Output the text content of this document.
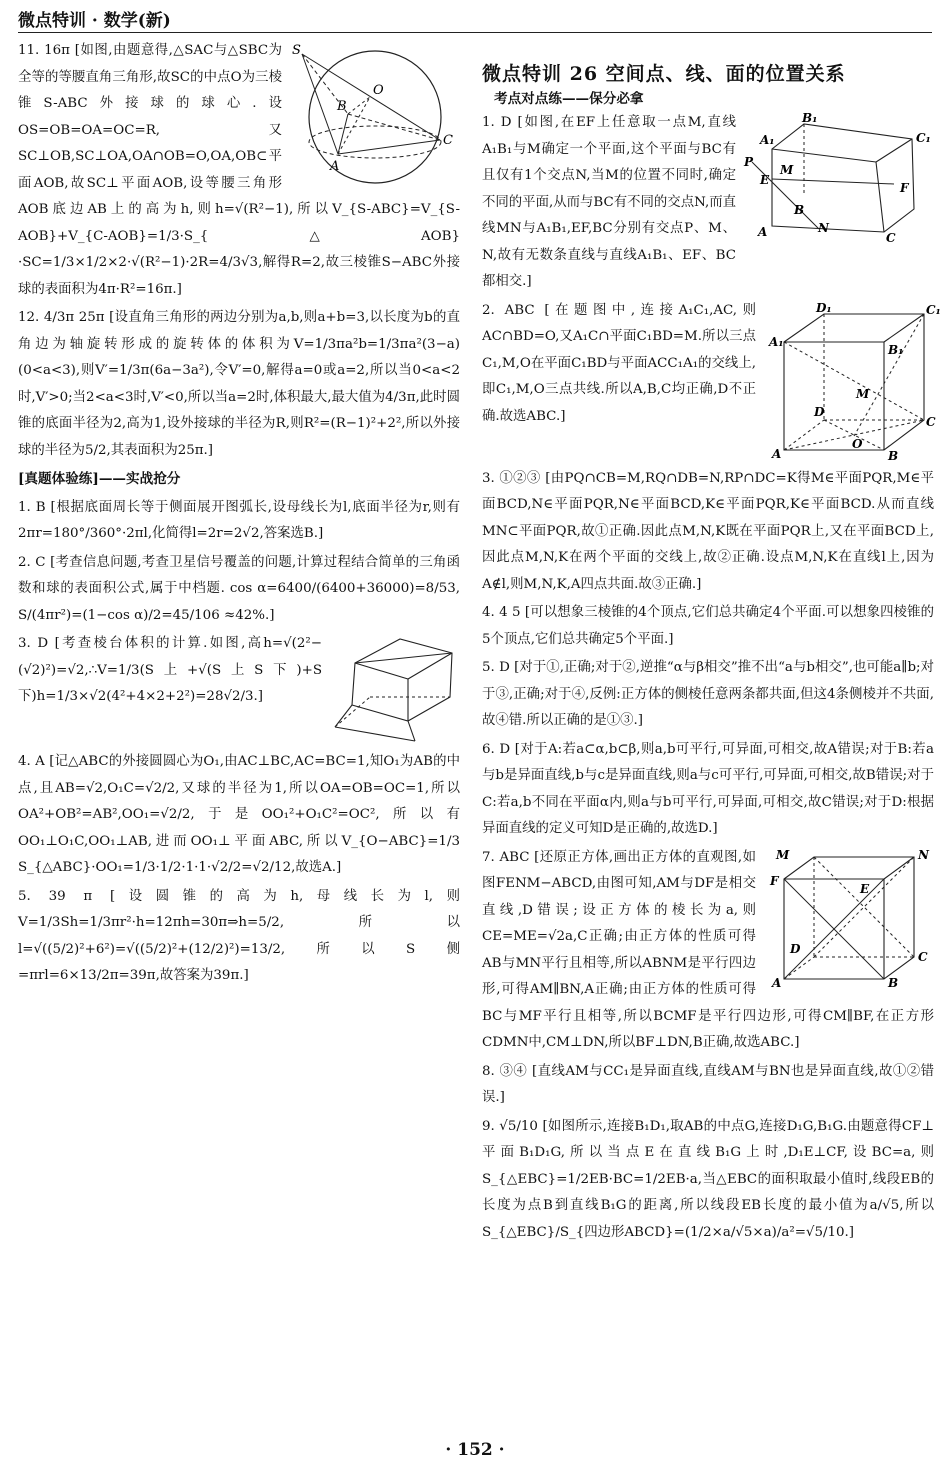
微点特训 · 数学(新)
S
O
B
A
C
11. 16π [如图,由题意得,△SAC与△SBC为全等的等腰直角三角形,故SC的中点O为三棱锥S-ABC外接球的球心.设OS=OB=OA=OC=R,又SC⊥OB,SC⊥OA,OA∩OB=O,OA,OB⊂平面AOB,故SC⊥平面AOB,设等腰三角形AOB底边AB上的高为h,则h=√(R²−1),所以V_{S-ABC}=V_{S-AOB}+V_{C-AOB}=1/3·S_{△AOB}·SC=1/3×1/2×2·√(R²−1)·2R=4/3√3,解得R=2,故三棱锥S−ABC外接球的表面积为4π·R²=16π.]
12. 4/3π 25π [设直角三角形的两边分别为a,b,则a+b=3,以长度为b的直角边为轴旋转形成的旋转体的体积为V=1/3πa²b=1/3πa²(3−a)(0<a<3),则V′=1/3π(6a−3a²),令V′=0,解得a=0或a=2,所以当0<a<2时,V′>0;当2<a<3时,V′<0,所以当a=2时,体积最大,最大值为4/3π,此时圆锥的底面半径为2,高为1,设外接球的半径为R,则R²=(R−1)²+2²,所以外接球的半径为5/2,其表面积为25π.]
[真题体验练]——实战抢分
1. B [根据底面周长等于侧面展开图弧长,设母线长为l,底面半径为r,则有2πr=180°/360°·2πl,化简得l=2r=2√2,答案选B.]
2. C [考查信息问题,考查卫星信号覆盖的问题,计算过程结合简单的三角函数和球的表面积公式,属于中档题. cos α=6400/(6400+36000)=8/53, S/(4πr²)=(1−cos α)/2=45/106 ≈42%.]
3. D [考查棱台体积的计算.如图,高h=√(2²−(√2)²)=√2,∴V=1/3(S上+√(S上S下)+S下)h=1/3×√2(4²+4×2+2²)=28√2/3.]
4. A [记△ABC的外接圆圆心为O₁,由AC⊥BC,AC=BC=1,知O₁为AB的中点,且AB=√2,O₁C=√2/2,又球的半径为1,所以OA=OB=OC=1,所以OA²+OB²=AB²,OO₁=√2/2,于是OO₁²+O₁C²=OC²,所以有OO₁⊥O₁C,OO₁⊥AB,进而OO₁⊥平面ABC,所以V_{O−ABC}=1/3 S_{△ABC}·OO₁=1/3·1/2·1·1·√2/2=√2/12,故选A.]
5. 39 π [设圆锥的高为h,母线长为l,则V=1/3Sh=1/3πr²·h=12πh=30π⇒h=5/2,所以l=√((5/2)²+6²)=√((5/2)²+(12/2)²)=13/2,所以S侧=πrl=6×13/2π=39π,故答案为39π.]
微点特训 26 空间点、线、面的位置关系
考点对点练——保分必拿
B₁
A₁	C₁
P
E
M
F
B
A	N
C
1. D [如图,在EF上任意取一点M,直线A₁B₁与M确定一个平面,这个平面与BC有且仅有1个交点N,当M的位置不同时,确定不同的平面,从而与BC有不同的交点N,而直线MN与A₁B₁,EF,BC分别有交点P、M、N,故有无数条直线与直线A₁B₁、EF、BC都相交.]
D₁
A₁
C₁
B₁
M
D
C
O
A	B
2. ABC [在题图中,连接A₁C₁,AC,则AC∩BD=O,又A₁C∩平面C₁BD=M.所以三点C₁,M,O在平面C₁BD与平面ACC₁A₁的交线上,即C₁,M,O三点共线.所以A,B,C均正确,D不正确.故选ABC.]
3. ①②③ [由PQ∩CB=M,RQ∩DB=N,RP∩DC=K得M∈平面PQR,M∈平面BCD,N∈平面PQR,N∈平面BCD,K∈平面PQR,K∈平面BCD.从而直线MN⊂平面PQR,故①正确.因此点M,N,K既在平面PQR上,又在平面BCD上,因此点M,N,K在两个平面的交线上,故②正确.设点M,N,K在直线l上,因为A∉l,则M,N,K,A四点共面.故③正确.]
4. 4 5 [可以想象三棱锥的4个顶点,它们总共确定4个平面.可以想象四棱锥的5个顶点,它们总共确定5个平面.]
5. D [对于①,正确;对于②,逆推“α与β相交”推不出“a与b相交”,也可能a∥b;对于③,正确;对于④,反例:正方体的侧棱任意两条都共面,但这4条侧棱并不共面,故④错.所以正确的是①③.]
6. D [对于A:若a⊂α,b⊂β,则a,b可平行,可异面,可相交,故A错误;对于B:若a与b是异面直线,b与c是异面直线,则a与c可平行,可异面,可相交,故B错误;对于C:若a,b不同在平面α内,则a与b可平行,可异面,可相交,故C错误;对于D:根据异面直线的定义可知D是正确的,故选D.]
M	N
E
F
D
C
A	B
7. ABC [还原正方体,画出正方体的直观图,如图FENM−ABCD,由图可知,AM与DF是相交直线,D错误;设正方体的棱长为a,则CE=ME=√2a,C正确;由正方体的性质可得AB与MN平行且相等,所以ABNM是平行四边形,可得AM∥BN,A正确;由正方体的性质可得BC与MF平行且相等,所以BCMF是平行四边形,可得CM∥BF,在正方形CDMN中,CM⊥DN,所以BF⊥DN,B正确,故选ABC.]
8. ③④ [直线AM与CC₁是异面直线,直线AM与BN也是异面直线,故①②错误.]
9. √5/10 [如图所示,连接B₁D₁,取AB的中点G,连接D₁G,B₁G.由题意得CF⊥平面B₁D₁G,所以当点E在直线B₁G上时,D₁E⊥CF,设BC=a,则S_{△EBC}=1/2EB·BC=1/2EB·a,当△EBC的面积取最小值时,线段EB的长度为点B到直线B₁G的距离,所以线段EB长度的最小值为a/√5,所以S_{△EBC}/S_{四边形ABCD}=(1/2×a/√5×a)/a²=√5/10.]
· 152 ·
